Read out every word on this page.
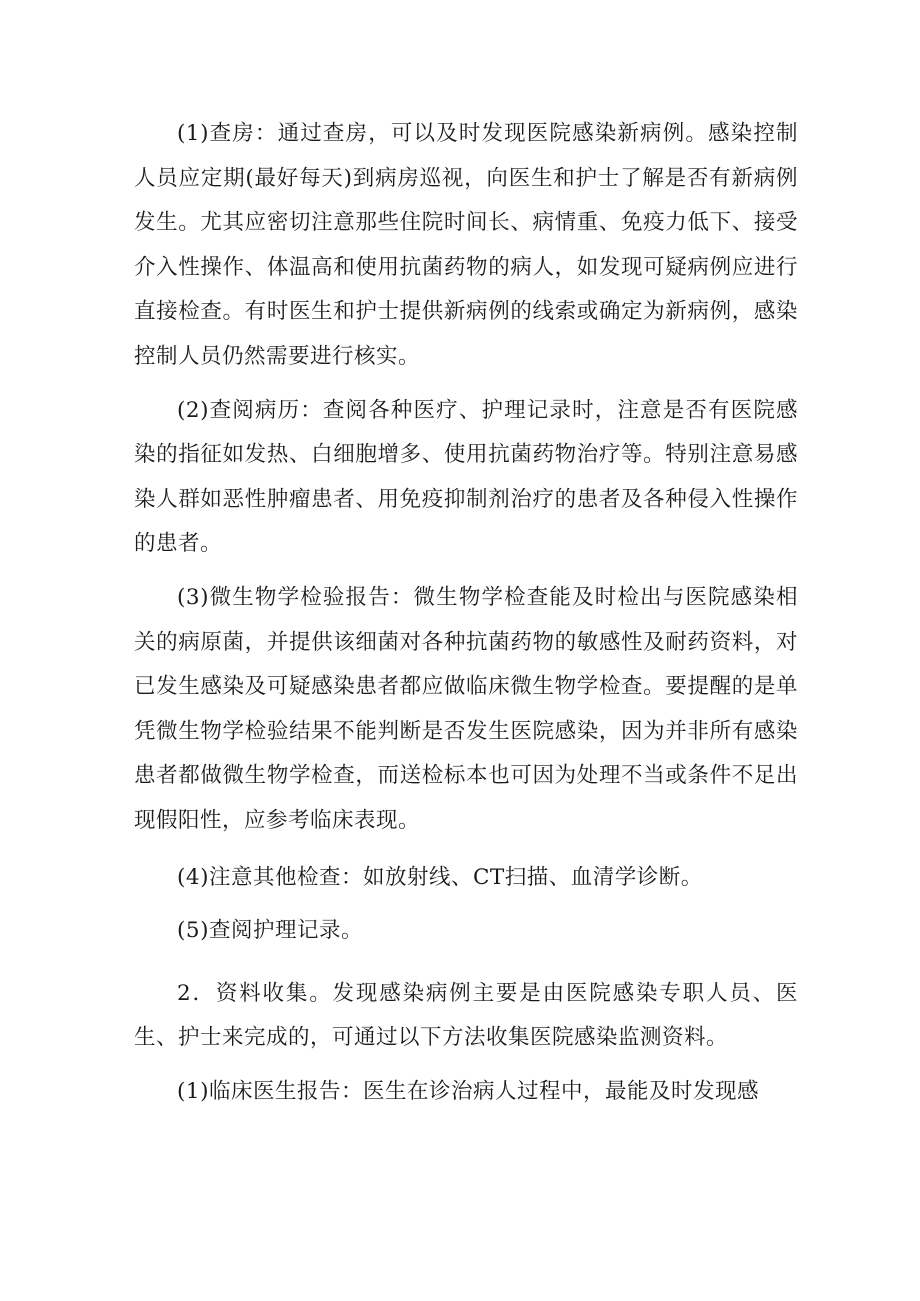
(1)查房：通过查房，可以及时发现医院感染新病例。感染控制人员应定期(最好每天)到病房巡视，向医生和护士了解是否有新病例发生。尤其应密切注意那些住院时间长、病情重、免疫力低下、接受介入性操作、体温高和使用抗菌药物的病人，如发现可疑病例应进行直接检查。有时医生和护士提供新病例的线索或确定为新病例，感染控制人员仍然需要进行核实。

(2)查阅病历：查阅各种医疗、护理记录时，注意是否有医院感染的指征如发热、白细胞增多、使用抗菌药物治疗等。特别注意易感染人群如恶性肿瘤患者、用免疫抑制剂治疗的患者及各种侵入性操作的患者。

(3)微生物学检验报告：微生物学检查能及时检出与医院感染相关的病原菌，并提供该细菌对各种抗菌药物的敏感性及耐药资料，对已发生感染及可疑感染患者都应做临床微生物学检查。要提醒的是单凭微生物学检验结果不能判断是否发生医院感染，因为并非所有感染患者都做微生物学检查，而送检标本也可因为处理不当或条件不足出现假阳性，应参考临床表现。

(4)注意其他检查：如放射线、CT扫描、血清学诊断。

(5)查阅护理记录。

2．资料收集。发现感染病例主要是由医院感染专职人员、医生、护士来完成的，可通过以下方法收集医院感染监测资料。

(1)临床医生报告：医生在诊治病人过程中，最能及时发现感
